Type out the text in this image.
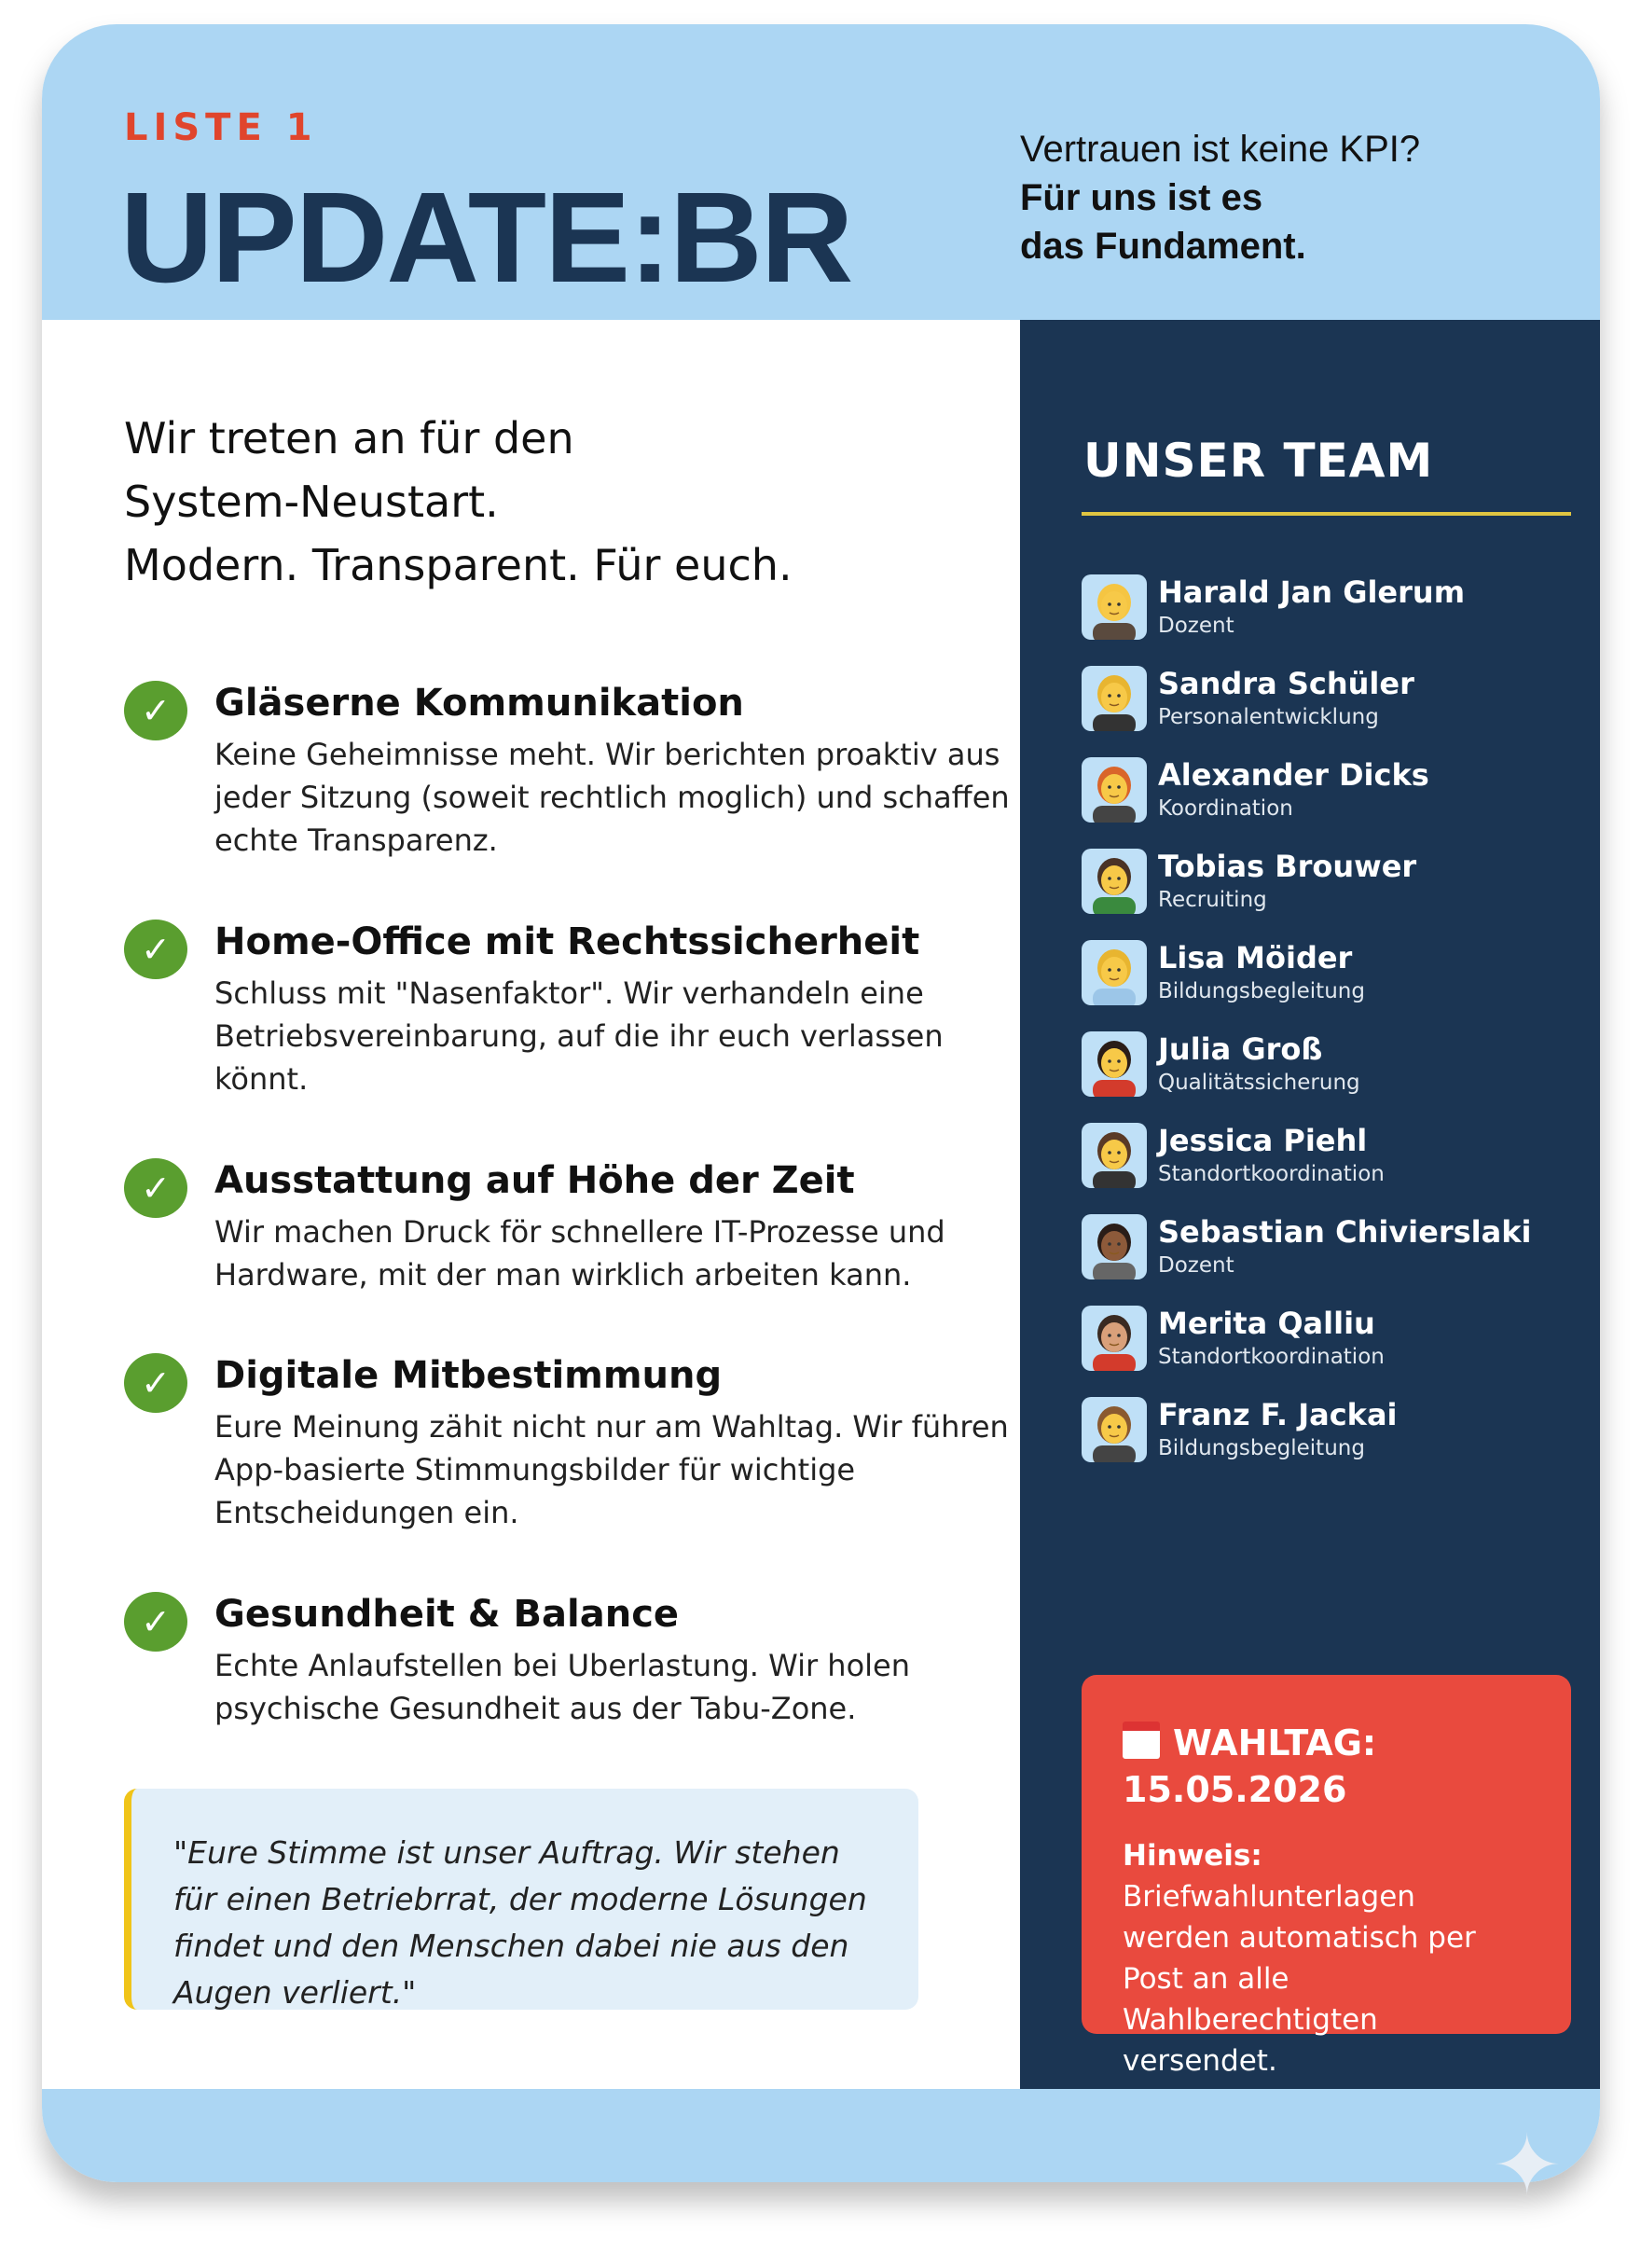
LISTE 1
UPDATE:BR
Vertrauen ist keine KPI?
Für uns ist es das Fundament.
Wir treten an für den System-Neustart.
Modern. Transparent. Für euch.
✓	Gläserne Kommunikation

Keine Geheimnisse meht. Wir berichten proaktiv aus jeder Sitzung (soweit rechtlich moglich) und schaffen echte Transparenz.

✓	Home-Office mit Rechtssicherheit

Schluss mit "Nasenfaktor". Wir verhandeln eine Betriebsvereinbarung, auf die ihr euch verlassen könnt.

✓	Ausstattung auf Höhe der Zeit

Wir machen Druck för schnellere IT-Prozesse und Hardware, mit der man wirklich arbeiten kann.

✓	Digitale Mitbestimmung

Eure Meinung zähit nicht nur am Wahltag. Wir führen App-basierte Stimmungsbilder für wichtige Entscheidungen ein.

✓	Gesundheit & Balance

Echte Anlaufstellen bei Uberlastung. Wir holen psychische Gesundheit aus der Tabu-Zone.

"Eure Stimme ist unser Auftrag. Wir stehen für einen Betriebrrat, der moderne Lösungen findet und den Menschen dabei nie aus den Augen verliert."
UNSER TEAM
Harald Jan Glerum
Dozent
Sandra Schüler
Personalentwicklung
Alexander Dicks
Koordination
Tobias Brouwer
Recruiting
Lisa Möider
Bildungsbegleitung
Julia Groß
Qualitätssicherung
Jessica Piehl
Standortkoordination
Sebastian Chivierslaki
Dozent
Merita Qalliu
Standortkoordination
Franz F. Jackai
Bildungsbegleitung
WAHLTAG:
15.05.2026
Hinweis: Briefwahlunterlagen werden automatisch per Post an alle Wahlberechtigten versendet.
✦
